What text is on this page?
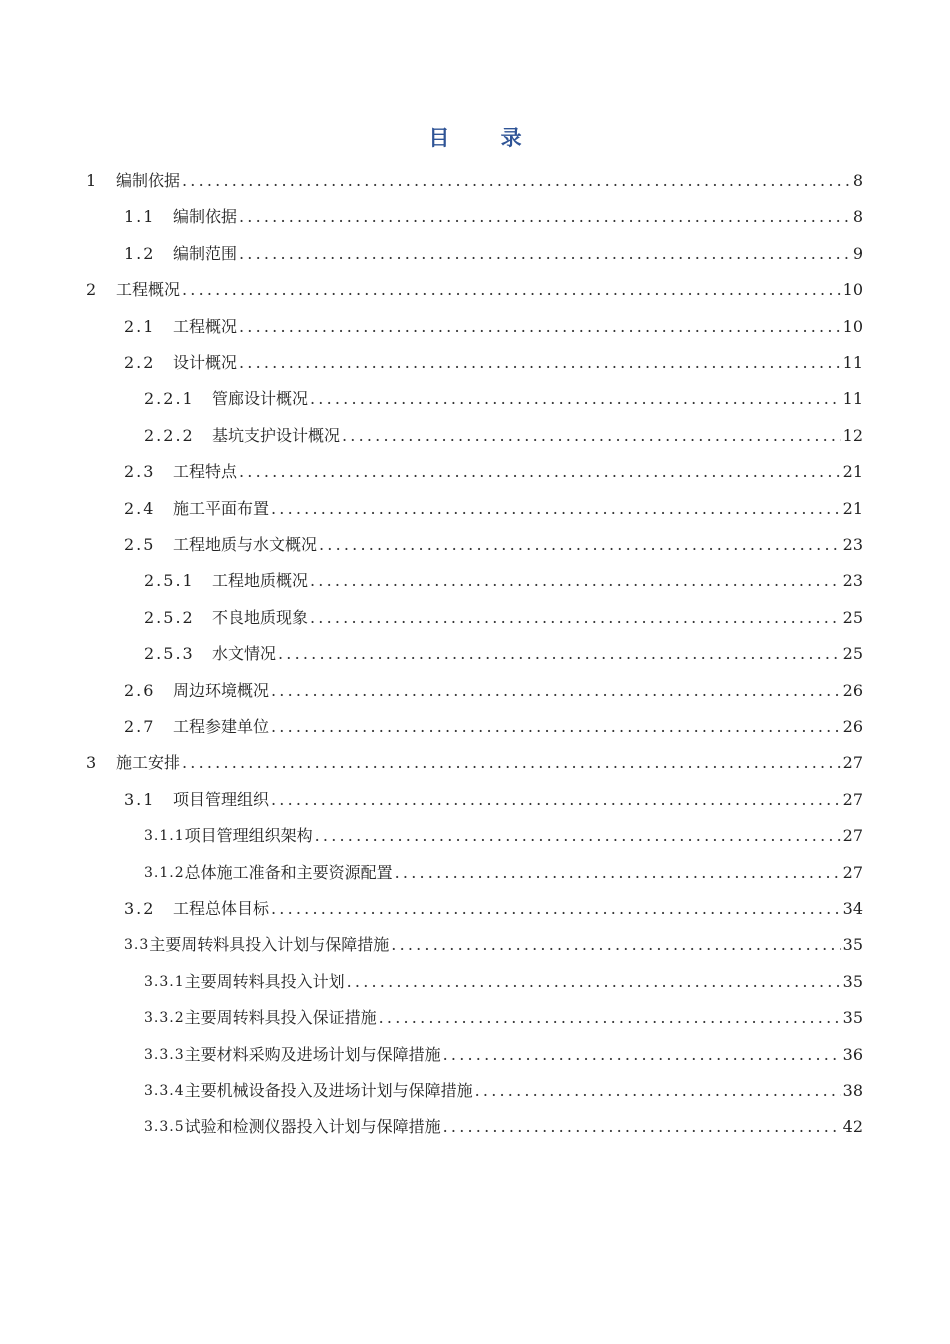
目 录
1	编制依据 .....	8
1.1	编制依据 .....	8
1.2	编制范围 .....	9
2	工程概况 .....	10
2.1	工程概况 .....	10
2.2	设计概况 .....	11
2.2.1	管廊设计概况 .....	11
2.2.2	基坑支护设计概况 .....	12
2.3	工程特点 .....	21
2.4	施工平面布置 .....	21
2.5	工程地质与水文概况 .....	23
2.5.1	工程地质概况 .....	23
2.5.2	不良地质现象 .....	25
2.5.3	水文情况 .....	25
2.6	周边环境概况 .....	26
2.7	工程参建单位 .....	26
3	施工安排 .....	27
3.1	项目管理组织 .....	27
3.1.1 项目管理组织架构 .....	27
3.1.2 总体施工准备和主要资源配置 .....	27
3.2	工程总体目标 .....	34
3.3 主要周转料具投入计划与保障措施 .....	35
3.3.1 主要周转料具投入计划 .....	35
3.3.2 主要周转料具投入保证措施 .....	35
3.3.3 主要材料采购及进场计划与保障措施 .....	36
3.3.4 主要机械设备投入及进场计划与保障措施 .....	38
3.3.5 试验和检测仪器投入计划与保障措施 .....	42
